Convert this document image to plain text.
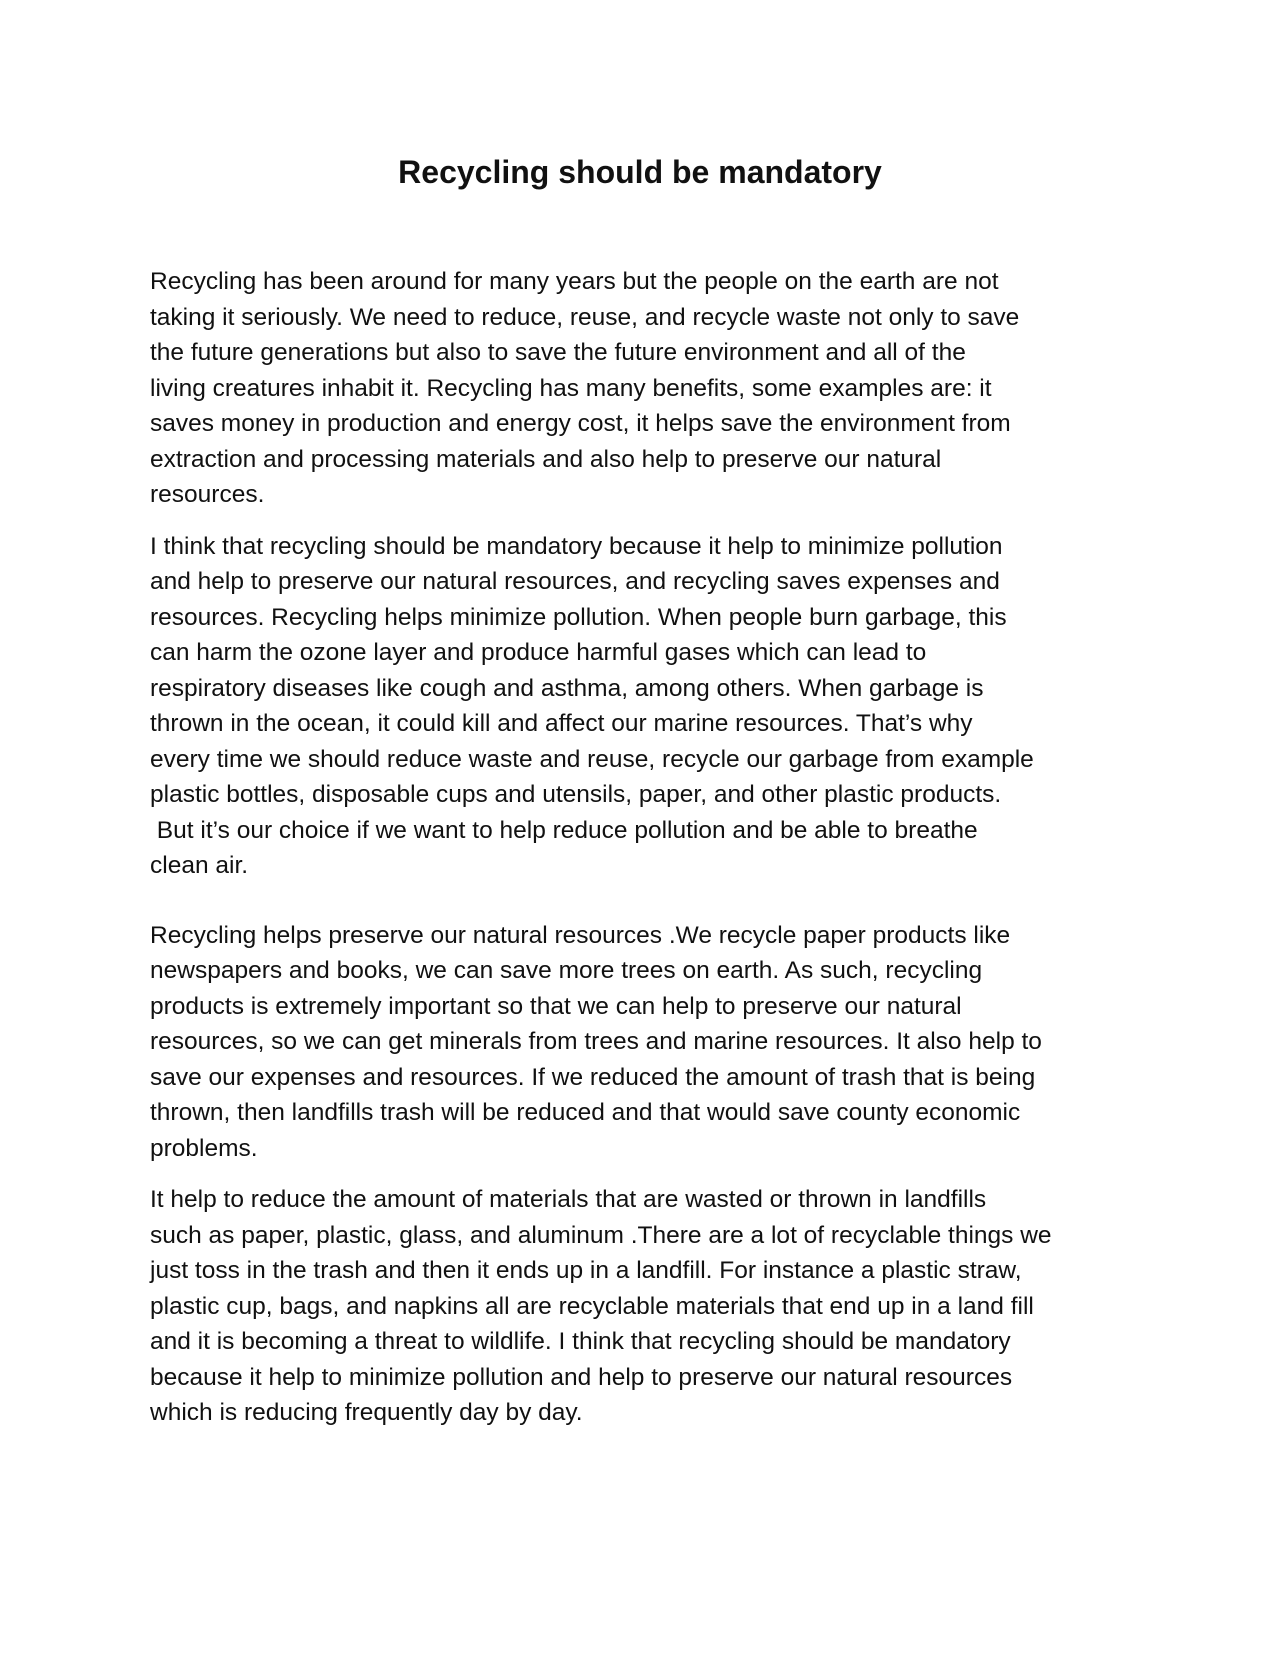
Recycling should be mandatory

Recycling has been around for many years but the people on the earth are not
taking it seriously. We need to reduce, reuse, and recycle waste not only to save
the future generations but also to save the future environment and all of the
living creatures inhabit it. Recycling has many benefits, some examples are: it
saves money in production and energy cost, it helps save the environment from
extraction and processing materials and also help to preserve our natural
resources.

I think that recycling should be mandatory because it help to minimize pollution
and help to preserve our natural resources, and recycling saves expenses and
resources. Recycling helps minimize pollution. When people burn garbage, this
can harm the ozone layer and produce harmful gases which can lead to
respiratory diseases like cough and asthma, among others. When garbage is
thrown in the ocean, it could kill and affect our marine resources. That’s why
every time we should reduce waste and reuse, recycle our garbage from example
plastic bottles, disposable cups and utensils, paper, and other plastic products.
But it’s our choice if we want to help reduce pollution and be able to breathe
clean air.

Recycling helps preserve our natural resources .We recycle paper products like
newspapers and books, we can save more trees on earth. As such, recycling
products is extremely important so that we can help to preserve our natural
resources, so we can get minerals from trees and marine resources. It also help to
save our expenses and resources. If we reduced the amount of trash that is being
thrown, then landfills trash will be reduced and that would save county economic
problems.

It help to reduce the amount of materials that are wasted or thrown in landfills
such as paper, plastic, glass, and aluminum .There are a lot of recyclable things we
just toss in the trash and then it ends up in a landfill. For instance a plastic straw,
plastic cup, bags, and napkins all are recyclable materials that end up in a land fill
and it is becoming a threat to wildlife. I think that recycling should be mandatory
because it help to minimize pollution and help to preserve our natural resources
which is reducing frequently day by day.
